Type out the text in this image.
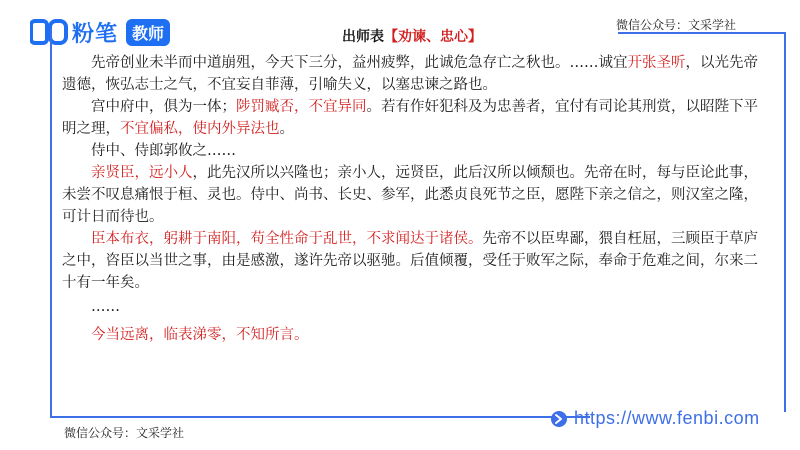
粉笔 教师	微信公众号：文采学社
出师表【劝谏、忠心】

先帝创业未半而中道崩殂，今天下三分，益州疲弊，此诚危急存亡之秋也。……诚宜开张圣听，以光先帝遗德，恢弘志士之气，不宜妄自菲薄，引喻失义，以塞忠谏之路也。

宫中府中，俱为一体；陟罚臧否，不宜异同。若有作奸犯科及为忠善者，宜付有司论其刑赏，以昭陛下平明之理，不宜偏私，使内外异法也。

侍中、侍郎郭攸之……

亲贤臣，远小人，此先汉所以兴隆也；亲小人，远贤臣，此后汉所以倾颓也。先帝在时，每与臣论此事，未尝不叹息痛恨于桓、灵也。侍中、尚书、长史、参军，此悉贞良死节之臣，愿陛下亲之信之，则汉室之隆，可计日而待也。

臣本布衣，躬耕于南阳，苟全性命于乱世，不求闻达于诸侯。先帝不以臣卑鄙，猥自枉屈，三顾臣于草庐之中，咨臣以当世之事，由是感激，遂许先帝以驱驰。后值倾覆，受任于败军之际，奉命于危难之间，尔来二十有一年矣。

……

今当远离，临表涕零，不知所言。

微信公众号：文采学社
https://www.fenbi.com
